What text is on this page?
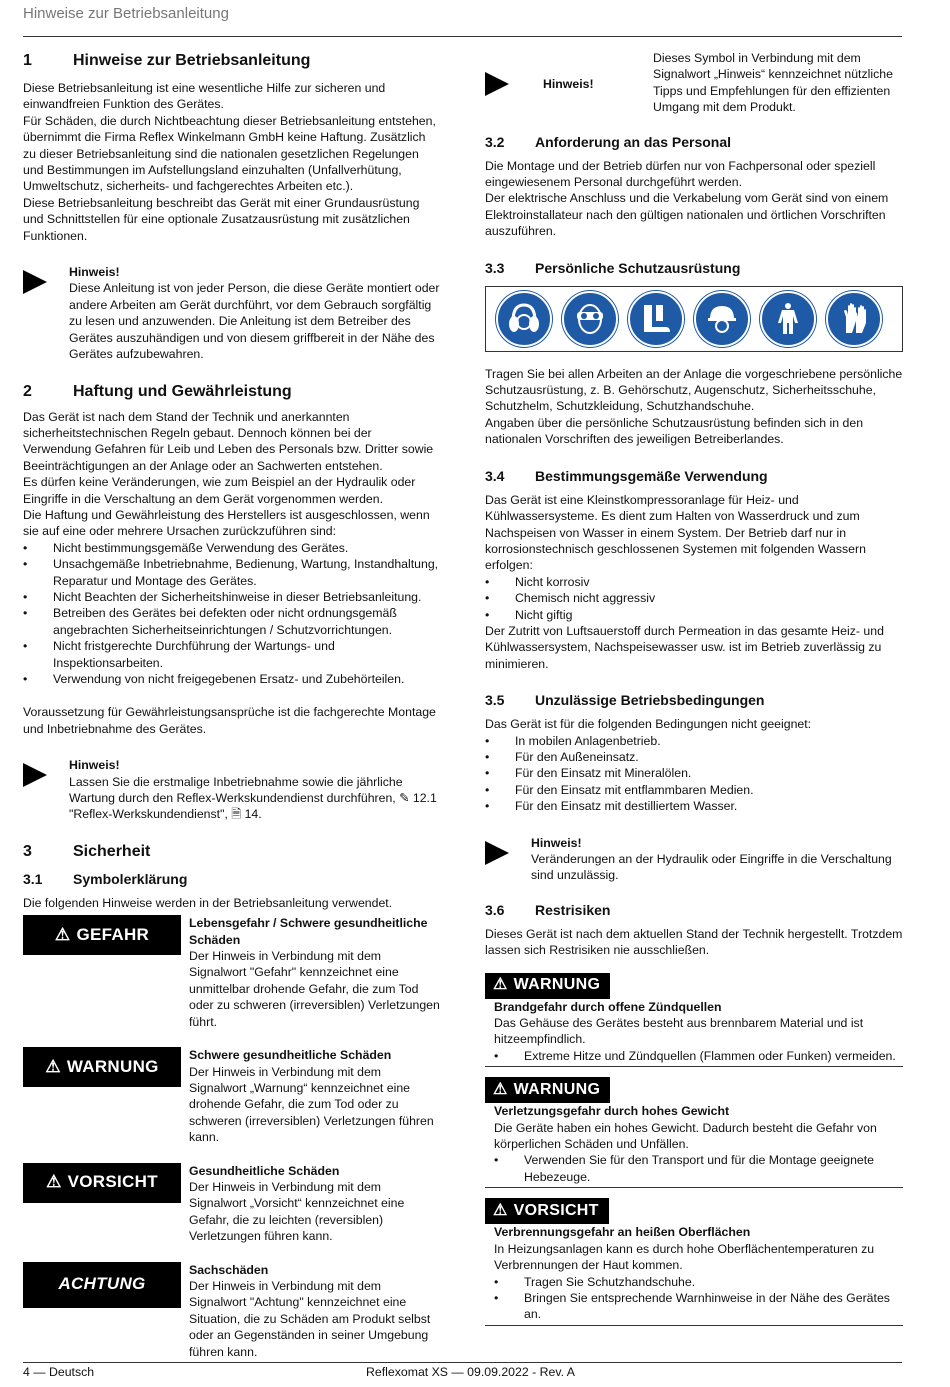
Hinweise zur Betriebsanleitung
1	Hinweise zur Betriebsanleitung

Diese Betriebsanleitung ist eine wesentliche Hilfe zur sicheren und einwandfreien Funktion des Gerätes.

Für Schäden, die durch Nichtbeachtung dieser Betriebsanleitung entstehen, übernimmt die Firma Reflex Winkelmann GmbH keine Haftung. Zusätzlich zu dieser Betriebsanleitung sind die nationalen gesetzlichen Regelungen und Bestimmungen im Aufstellungsland einzuhalten (Unfallverhütung, Umweltschutz, sicherheits- und fachgerechtes Arbeiten etc.).

Diese Betriebsanleitung beschreibt das Gerät mit einer Grundausrüstung und Schnittstellen für eine optionale Zusatzausrüstung mit zusätzlichen Funktionen.

Hinweis!
Diese Anleitung ist von jeder Person, die diese Geräte montiert oder andere Arbeiten am Gerät durchführt, vor dem Gebrauch sorgfältig zu lesen und anzuwenden. Die Anleitung ist dem Betreiber des Gerätes auszuhändigen und von diesem griffbereit in der Nähe des Gerätes aufzubewahren.
2	Haftung und Gewährleistung

Das Gerät ist nach dem Stand der Technik und anerkannten sicherheitstechnischen Regeln gebaut. Dennoch können bei der Verwendung Gefahren für Leib und Leben des Personals bzw. Dritter sowie Beeinträchtigungen an der Anlage oder an Sachwerten entstehen.

Es dürfen keine Veränderungen, wie zum Beispiel an der Hydraulik oder Eingriffe in die Verschaltung an dem Gerät vorgenommen werden.

Die Haftung und Gewährleistung des Herstellers ist ausgeschlossen, wenn sie auf eine oder mehrere Ursachen zurückzuführen sind:

• Nicht bestimmungsgemäße Verwendung des Gerätes.
• Unsachgemäße Inbetriebnahme, Bedienung, Wartung, Instandhaltung, Reparatur und Montage des Gerätes.
• Nicht Beachten der Sicherheitshinweise in dieser Betriebsanleitung.
• Betreiben des Gerätes bei defekten oder nicht ordnungsgemäß angebrachten Sicherheitseinrichtungen / Schutzvorrichtungen.
• Nicht fristgerechte Durchführung der Wartungs- und Inspektionsarbeiten.
• Verwendung von nicht freigegebenen Ersatz- und Zubehörteilen.

Voraussetzung für Gewährleistungsansprüche ist die fachgerechte Montage und Inbetriebnahme des Gerätes.

Hinweis!
Lassen Sie die erstmalige Inbetriebnahme sowie die jährliche Wartung durch den Reflex-Werkskundendienst durchführen, ✎ 12.1 "Reflex-Werkskundendienst", 🗎 14.
3	Sicherheit
3.1	Symbolerklärung

Die folgenden Hinweise werden in der Betriebsanleitung verwendet.

⚠ GEFAHR
Lebensgefahr / Schwere gesundheitliche Schäden
Der Hinweis in Verbindung mit dem Signalwort "Gefahr" kennzeichnet eine unmittelbar drohende Gefahr, die zum Tod oder zu schweren (irreversiblen) Verletzungen führt.
⚠ WARNUNG
Schwere gesundheitliche Schäden
Der Hinweis in Verbindung mit dem Signalwort „Warnung“ kennzeichnet eine drohende Gefahr, die zum Tod oder zu schweren (irreversiblen) Verletzungen führen kann.
⚠ VORSICHT
Gesundheitliche Schäden
Der Hinweis in Verbindung mit dem Signalwort „Vorsicht“ kennzeichnet eine Gefahr, die zu leichten (reversiblen) Verletzungen führen kann.
ACHTUNG
Sachschäden
Der Hinweis in Verbindung mit dem Signalwort "Achtung" kennzeichnet eine Situation, die zu Schäden am Produkt selbst oder an Gegenständen in seiner Umgebung führen kann.
Hinweis!
Dieses Symbol in Verbindung mit dem Signalwort „Hinweis“ kennzeichnet nützliche Tipps und Empfehlungen für den effizienten Umgang mit dem Produkt.
3.2	Anforderung an das Personal

Die Montage und der Betrieb dürfen nur von Fachpersonal oder speziell eingewiesenem Personal durchgeführt werden.

Der elektrische Anschluss und die Verkabelung vom Gerät sind von einem Elektroinstallateur nach den gültigen nationalen und örtlichen Vorschriften auszuführen.

3.3	Persönliche Schutzausrüstung

Tragen Sie bei allen Arbeiten an der Anlage die vorgeschriebene persönliche Schutzausrüstung, z. B. Gehörschutz, Augenschutz, Sicherheitsschuhe, Schutzhelm, Schutzkleidung, Schutzhandschuhe.

Angaben über die persönliche Schutzausrüstung befinden sich in den nationalen Vorschriften des jeweiligen Betreiberlandes.

3.4	Bestimmungsgemäße Verwendung

Das Gerät ist eine Kleinstkompressoranlage für Heiz- und Kühlwassersysteme. Es dient zum Halten von Wasserdruck und zum Nachspeisen von Wasser in einem System. Der Betrieb darf nur in korrosionstechnisch geschlossenen Systemen mit folgenden Wassern erfolgen:

• Nicht korrosiv
• Chemisch nicht aggressiv
• Nicht giftig

Der Zutritt von Luftsauerstoff durch Permeation in das gesamte Heiz- und Kühlwassersystem, Nachspeisewasser usw. ist im Betrieb zuverlässig zu minimieren.

3.5	Unzulässige Betriebsbedingungen

Das Gerät ist für die folgenden Bedingungen nicht geeignet:

• In mobilen Anlagenbetrieb.
• Für den Außeneinsatz.
• Für den Einsatz mit Mineralölen.
• Für den Einsatz mit entflammbaren Medien.
• Für den Einsatz mit destilliertem Wasser.
Hinweis!
Veränderungen an der Hydraulik oder Eingriffe in die Verschaltung sind unzulässig.
3.6	Restrisiken

Dieses Gerät ist nach dem aktuellen Stand der Technik hergestellt. Trotzdem lassen sich Restrisiken nie ausschließen.

⚠ WARNUNG
Brandgefahr durch offene Zündquellen
Das Gehäuse des Gerätes besteht aus brennbarem Material und ist hitzeempfindlich.
• Extreme Hitze und Zündquellen (Flammen oder Funken) vermeiden.
⚠ WARNUNG
Verletzungsgefahr durch hohes Gewicht
Die Geräte haben ein hohes Gewicht. Dadurch besteht die Gefahr von körperlichen Schäden und Unfällen.
• Verwenden Sie für den Transport und für die Montage geeignete Hebezeuge.
⚠ VORSICHT
Verbrennungsgefahr an heißen Oberflächen
In Heizungsanlagen kann es durch hohe Oberflächentemperaturen zu Verbrennungen der Haut kommen.
• Tragen Sie Schutzhandschuhe.
• Bringen Sie entsprechende Warnhinweise in der Nähe des Gerätes an.
4 — Deutsch	Reflexomat XS — 09.09.2022 - Rev. A
